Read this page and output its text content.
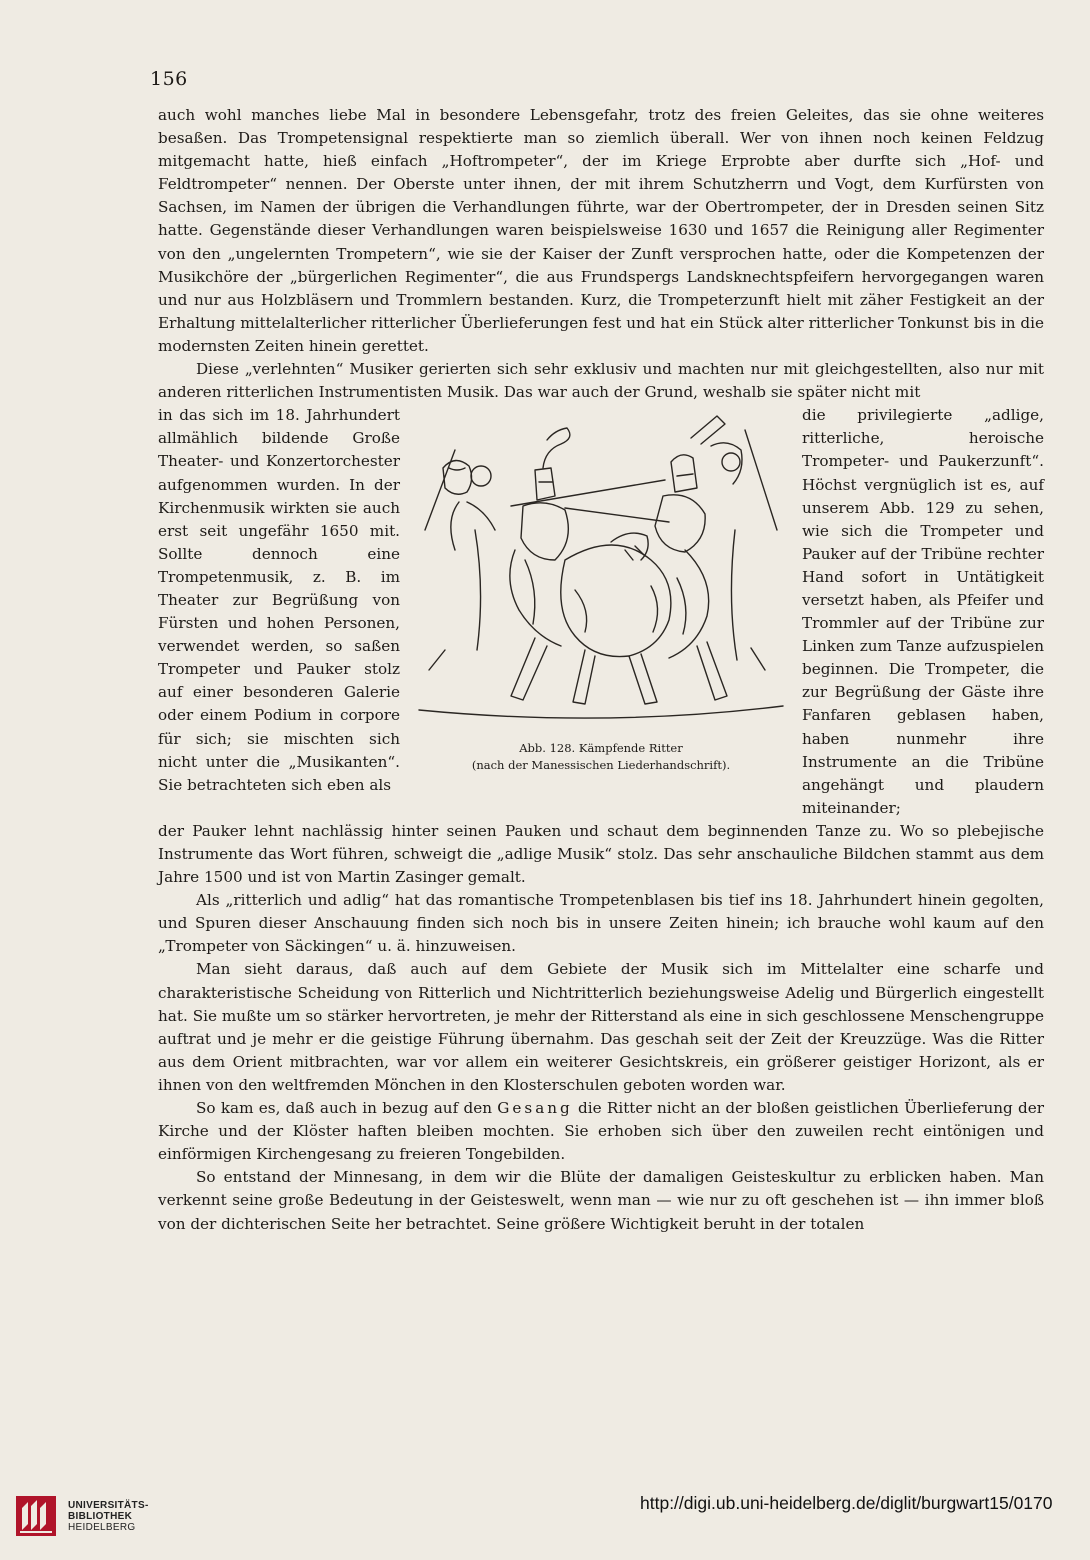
156

auch wohl manches liebe Mal in besondere Lebensgefahr, trotz des freien Geleites, das sie ohne weiteres besaßen. Das Trompetensignal respektierte man so ziemlich überall. Wer von ihnen noch keinen Feldzug mitgemacht hatte, hieß einfach „Hoftrompeter“, der im Kriege Erprobte aber durfte sich „Hof- und Feldtrompeter“ nennen. Der Oberste unter ihnen, der mit ihrem Schutzherrn und Vogt, dem Kurfürsten von Sachsen, im Namen der übrigen die Verhandlungen führte, war der Obertrompeter, der in Dresden seinen Sitz hatte. Gegenstände dieser Verhandlungen waren beispielsweise 1630 und 1657 die Reinigung aller Regimenter von den „ungelernten Trompetern“, wie sie der Kaiser der Zunft versprochen hatte, oder die Kompetenzen der Musikchöre der „bürgerlichen Regimenter“, die aus Frundspergs Landsknechtspfeifern hervorgegangen waren und nur aus Holzbläsern und Trommlern bestanden. Kurz, die Trompeterzunft hielt mit zäher Festigkeit an der Erhaltung mittelalterlicher ritterlicher Überlieferungen fest und hat ein Stück alter ritterlicher Tonkunst bis in die modernsten Zeiten hinein gerettet.

Diese „verlehnten“ Musiker gerierten sich sehr exklusiv und machten nur mit gleichgestellten, also nur mit anderen ritterlichen Instrumentisten Musik. Das war auch der Grund, weshalb sie später nicht mit

in das sich im 18. Jahrhundert allmählich bildende Große Theater- und Konzertorchester aufgenommen wurden. In der Kirchenmusik wirkten sie auch erst seit ungefähr 1650 mit. Sollte dennoch eine Trompetenmusik, z. B. im Theater zur Begrüßung von Fürsten und hohen Personen, verwendet werden, so saßen Trompeter und Pauker stolz auf einer besonderen Galerie oder einem Podium in corpore für sich; sie mischten sich nicht unter die „Musikanten“. Sie betrachteten sich eben als
Abb. 128. Kämpfende Ritter
(nach der Manessischen Liederhandschrift).
die privilegierte „adlige, ritterliche, heroische Trompeter- und Paukerzunft“. Höchst vergnüglich ist es, auf unserem Abb. 129 zu sehen, wie sich die Trompeter und Pauker auf der Tribüne rechter Hand sofort in Untätigkeit versetzt haben, als Pfeifer und Trommler auf der Tribüne zur Linken zum Tanze aufzuspielen beginnen. Die Trompeter, die zur Begrüßung der Gäste ihre Fanfaren geblasen haben, haben nunmehr ihre Instrumente an die Tribüne angehängt und plaudern miteinander;

der Pauker lehnt nachlässig hinter seinen Pauken und schaut dem beginnenden Tanze zu. Wo so plebejische Instrumente das Wort führen, schweigt die „adlige Musik“ stolz. Das sehr anschauliche Bildchen stammt aus dem Jahre 1500 und ist von Martin Zasinger gemalt.

Als „ritterlich und adlig“ hat das romantische Trompetenblasen bis tief ins 18. Jahrhundert hinein gegolten, und Spuren dieser Anschauung finden sich noch bis in unsere Zeiten hinein; ich brauche wohl kaum auf den „Trompeter von Säckingen“ u. ä. hinzuweisen.

Man sieht daraus, daß auch auf dem Gebiete der Musik sich im Mittelalter eine scharfe und charakteristische Scheidung von Ritterlich und Nichtritterlich beziehungsweise Adelig und Bürgerlich eingestellt hat. Sie mußte um so stärker hervortreten, je mehr der Ritterstand als eine in sich geschlossene Menschengruppe auftrat und je mehr er die geistige Führung übernahm. Das geschah seit der Zeit der Kreuzzüge. Was die Ritter aus dem Orient mitbrachten, war vor allem ein weiterer Gesichtskreis, ein größerer geistiger Horizont, als er ihnen von den weltfremden Mönchen in den Klosterschulen geboten worden war.

So kam es, daß auch in bezug auf den Gesang die Ritter nicht an der bloßen geistlichen Überlieferung der Kirche und der Klöster haften bleiben mochten. Sie erhoben sich über den zuweilen recht eintönigen und einförmigen Kirchengesang zu freieren Tongebilden.

So entstand der Minnesang, in dem wir die Blüte der damaligen Geisteskultur zu erblicken haben. Man verkennt seine große Bedeutung in der Geisteswelt, wenn man — wie nur zu oft geschehen ist — ihn immer bloß von der dichterischen Seite her betrachtet. Seine größere Wichtigkeit beruht in der totalen

UNIVERSITÄTS-
BIBLIOTHEK
HEIDELBERG
http://digi.ub.uni-heidelberg.de/diglit/burgwart15/0170
